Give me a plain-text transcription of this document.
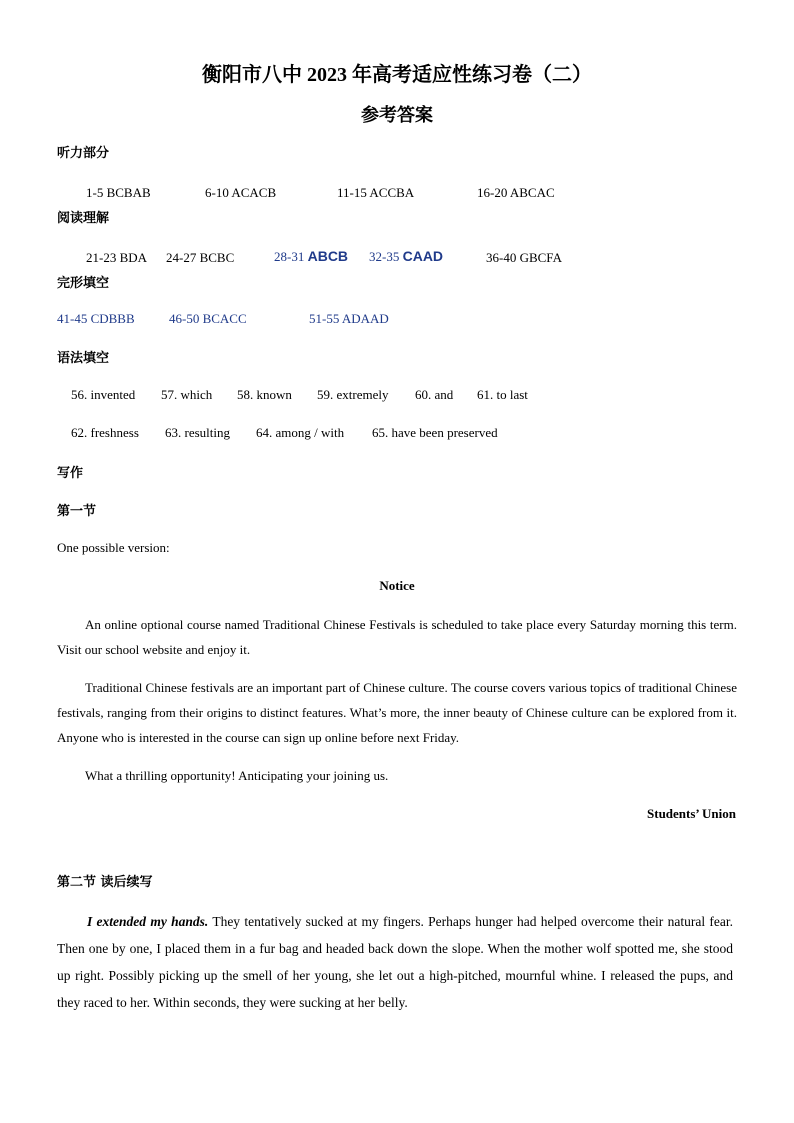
衡阳市八中 2023 年高考适应性练习卷（二）
参考答案
听力部分
1-5 BCBAB	6-10 ACACB	11-15 ACCBA	16-20 ABCAC
阅读理解
21-23 BDA 24-27 BCBC	28-31 ABCB 32-35 CAAD	36-40 GBCFA
完形填空
41-45 CDBBB	46-50 BCACC	51-55 ADAAD
语法填空
56. invented 57. which 58. known 59. extremely 60. and 61. to last
62. freshness 63. resulting 64. among / with 65. have been preserved
写作
第一节
One possible version:
Notice
An online optional course named Traditional Chinese Festivals is scheduled to take place every Saturday morning this term. Visit our school website and enjoy it.
Traditional Chinese festivals are an important part of Chinese culture. The course covers various topics of traditional Chinese festivals, ranging from their origins to distinct features. What’s more, the inner beauty of Chinese culture can be explored from it. Anyone who is interested in the course can sign up online before next Friday.
What a thrilling opportunity! Anticipating your joining us.
Students’ Union
第二节 读后续写
I extended my hands. They tentatively sucked at my fingers. Perhaps hunger had helped overcome their natural fear. Then one by one, I placed them in a fur bag and headed back down the slope. When the mother wolf spotted me, she stood up right. Possibly picking up the smell of her young, she let out a high-pitched, mournful whine. I released the pups, and they raced to her. Within seconds, they were sucking at her belly.
